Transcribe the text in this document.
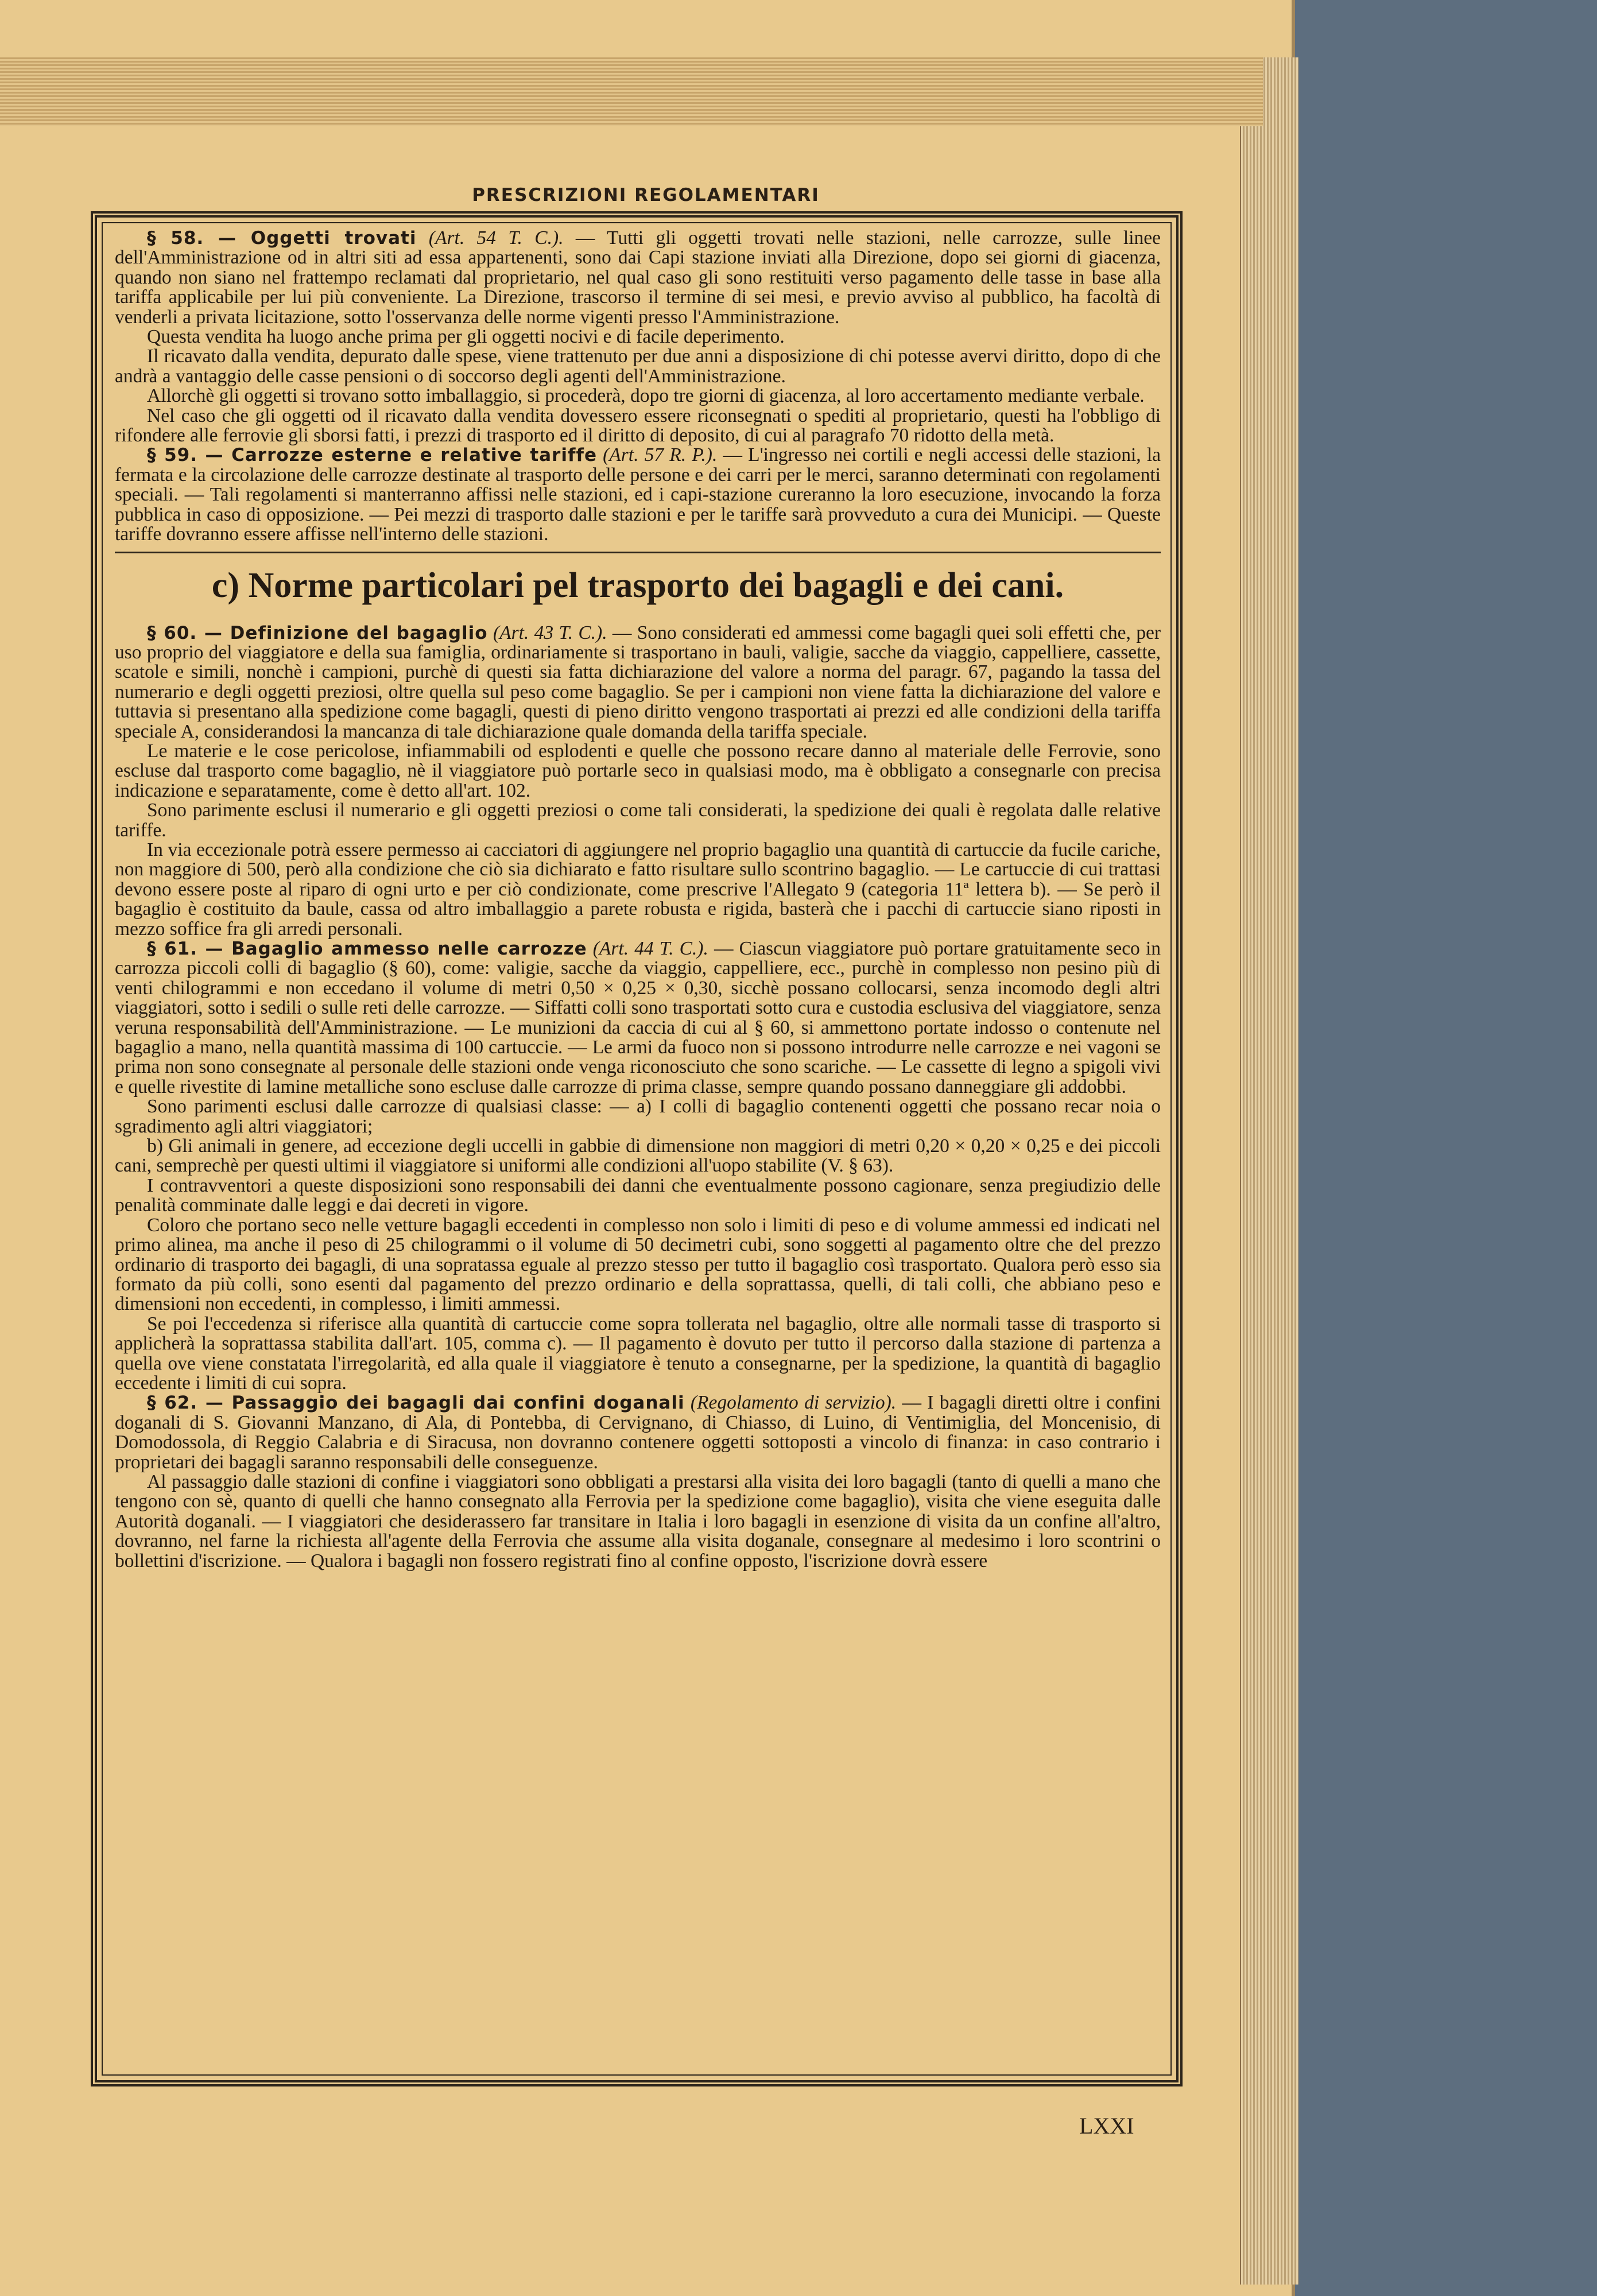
PRESCRIZIONI REGOLAMENTARI

§ 58. — Oggetti trovati (Art. 54 T. C.). — Tutti gli oggetti trovati nelle stazioni, nelle carrozze, sulle linee dell'Amministrazione od in altri siti ad essa appartenenti, sono dai Capi stazione inviati alla Direzione, dopo sei giorni di giacenza, quando non siano nel frattempo reclamati dal proprietario, nel qual caso gli sono restituiti verso pagamento delle tasse in base alla tariffa applicabile per lui più conveniente. La Direzione, trascorso il termine di sei mesi, e previo avviso al pubblico, ha facoltà di venderli a privata licitazione, sotto l'osservanza delle norme vigenti presso l'Amministrazione.

Questa vendita ha luogo anche prima per gli oggetti nocivi e di facile deperimento.

Il ricavato dalla vendita, depurato dalle spese, viene trattenuto per due anni a disposizione di chi potesse avervi diritto, dopo di che andrà a vantaggio delle casse pensioni o di soccorso degli agenti dell'Amministrazione.

Allorchè gli oggetti si trovano sotto imballaggio, si procederà, dopo tre giorni di giacenza, al loro accertamento mediante verbale.

Nel caso che gli oggetti od il ricavato dalla vendita dovessero essere riconsegnati o spediti al proprietario, questi ha l'obbligo di rifondere alle ferrovie gli sborsi fatti, i prezzi di trasporto ed il diritto di deposito, di cui al paragrafo 70 ridotto della metà.

§ 59. — Carrozze esterne e relative tariffe (Art. 57 R. P.). — L'ingresso nei cortili e negli accessi delle stazioni, la fermata e la circolazione delle carrozze destinate al trasporto delle persone e dei carri per le merci, saranno determinati con regolamenti speciali. — Tali regolamenti si manterranno affissi nelle stazioni, ed i capi-stazione cureranno la loro esecuzione, invocando la forza pubblica in caso di opposizione. — Pei mezzi di trasporto dalle stazioni e per le tariffe sarà provveduto a cura dei Municipi. — Queste tariffe dovranno essere affisse nell'interno delle stazioni.

c) Norme particolari pel trasporto dei bagagli e dei cani.

§ 60. — Definizione del bagaglio (Art. 43 T. C.). — Sono considerati ed ammessi come bagagli quei soli effetti che, per uso proprio del viaggiatore e della sua famiglia, ordinariamente si trasportano in bauli, valigie, sacche da viaggio, cappelliere, cassette, scatole e simili, nonchè i campioni, purchè di questi sia fatta dichiarazione del valore a norma del paragr. 67, pagando la tassa del numerario e degli oggetti preziosi, oltre quella sul peso come bagaglio. Se per i campioni non viene fatta la dichiarazione del valore e tuttavia si presentano alla spedizione come bagagli, questi di pieno diritto vengono trasportati ai prezzi ed alle condizioni della tariffa speciale A, considerandosi la mancanza di tale dichiarazione quale domanda della tariffa speciale.

Le materie e le cose pericolose, infiammabili od esplodenti e quelle che possono recare danno al materiale delle Ferrovie, sono escluse dal trasporto come bagaglio, nè il viaggiatore può portarle seco in qualsiasi modo, ma è obbligato a consegnarle con precisa indicazione e separatamente, come è detto all'art. 102.

Sono parimente esclusi il numerario e gli oggetti preziosi o come tali considerati, la spedizione dei quali è regolata dalle relative tariffe.

In via eccezionale potrà essere permesso ai cacciatori di aggiungere nel proprio bagaglio una quantità di cartuccie da fucile cariche, non maggiore di 500, però alla condizione che ciò sia dichiarato e fatto risultare sullo scontrino bagaglio. — Le cartuccie di cui trattasi devono essere poste al riparo di ogni urto e per ciò condizionate, come prescrive l'Allegato 9 (categoria 11ª lettera b). — Se però il bagaglio è costituito da baule, cassa od altro imballaggio a parete robusta e rigida, basterà che i pacchi di cartuccie siano riposti in mezzo soffice fra gli arredi personali.

§ 61. — Bagaglio ammesso nelle carrozze (Art. 44 T. C.). — Ciascun viaggiatore può portare gratuitamente seco in carrozza piccoli colli di bagaglio (§ 60), come: valigie, sacche da viaggio, cappelliere, ecc., purchè in complesso non pesino più di venti chilogrammi e non eccedano il volume di metri 0,50 × 0,25 × 0,30, sicchè possano collocarsi, senza incomodo degli altri viaggiatori, sotto i sedili o sulle reti delle carrozze. — Siffatti colli sono trasportati sotto cura e custodia esclusiva del viaggiatore, senza veruna responsabilità dell'Amministrazione. — Le munizioni da caccia di cui al § 60, si ammettono portate indosso o contenute nel bagaglio a mano, nella quantità massima di 100 cartuccie. — Le armi da fuoco non si possono introdurre nelle carrozze e nei vagoni se prima non sono consegnate al personale delle stazioni onde venga riconosciuto che sono scariche. — Le cassette di legno a spigoli vivi e quelle rivestite di lamine metalliche sono escluse dalle carrozze di prima classe, sempre quando possano danneggiare gli addobbi.

Sono parimenti esclusi dalle carrozze di qualsiasi classe: — a) I colli di bagaglio contenenti oggetti che possano recar noia o sgradimento agli altri viaggiatori;

b) Gli animali in genere, ad eccezione degli uccelli in gabbie di dimensione non maggiori di metri 0,20 × 0,20 × 0,25 e dei piccoli cani, semprechè per questi ultimi il viaggiatore si uniformi alle condizioni all'uopo stabilite (V. § 63).

I contravventori a queste disposizioni sono responsabili dei danni che eventualmente possono cagionare, senza pregiudizio delle penalità comminate dalle leggi e dai decreti in vigore.

Coloro che portano seco nelle vetture bagagli eccedenti in complesso non solo i limiti di peso e di volume ammessi ed indicati nel primo alinea, ma anche il peso di 25 chilogrammi o il volume di 50 decimetri cubi, sono soggetti al pagamento oltre che del prezzo ordinario di trasporto dei bagagli, di una sopratassa eguale al prezzo stesso per tutto il bagaglio così trasportato. Qualora però esso sia formato da più colli, sono esenti dal pagamento del prezzo ordinario e della soprattassa, quelli, di tali colli, che abbiano peso e dimensioni non eccedenti, in complesso, i limiti ammessi.

Se poi l'eccedenza si riferisce alla quantità di cartuccie come sopra tollerata nel bagaglio, oltre alle normali tasse di trasporto si applicherà la soprattassa stabilita dall'art. 105, comma c). — Il pagamento è dovuto per tutto il percorso dalla stazione di partenza a quella ove viene constatata l'irregolarità, ed alla quale il viaggiatore è tenuto a consegnarne, per la spedizione, la quantità di bagaglio eccedente i limiti di cui sopra.

§ 62. — Passaggio dei bagagli dai confini doganali (Regolamento di servizio). — I bagagli diretti oltre i confini doganali di S. Giovanni Manzano, di Ala, di Pontebba, di Cervignano, di Chiasso, di Luino, di Ventimiglia, del Moncenisio, di Domodossola, di Reggio Calabria e di Siracusa, non dovranno contenere oggetti sottoposti a vincolo di finanza: in caso contrario i proprietari dei bagagli saranno responsabili delle conseguenze.

Al passaggio dalle stazioni di confine i viaggiatori sono obbligati a prestarsi alla visita dei loro bagagli (tanto di quelli a mano che tengono con sè, quanto di quelli che hanno consegnato alla Ferrovia per la spedizione come bagaglio), visita che viene eseguita dalle Autorità doganali. — I viaggiatori che desiderassero far transitare in Italia i loro bagagli in esenzione di visita da un confine all'altro, dovranno, nel farne la richiesta all'agente della Ferrovia che assume alla visita doganale, consegnare al medesimo i loro scontrini o bollettini d'iscrizione. — Qualora i bagagli non fossero registrati fino al confine opposto, l'iscrizione dovrà essere

LXXI
